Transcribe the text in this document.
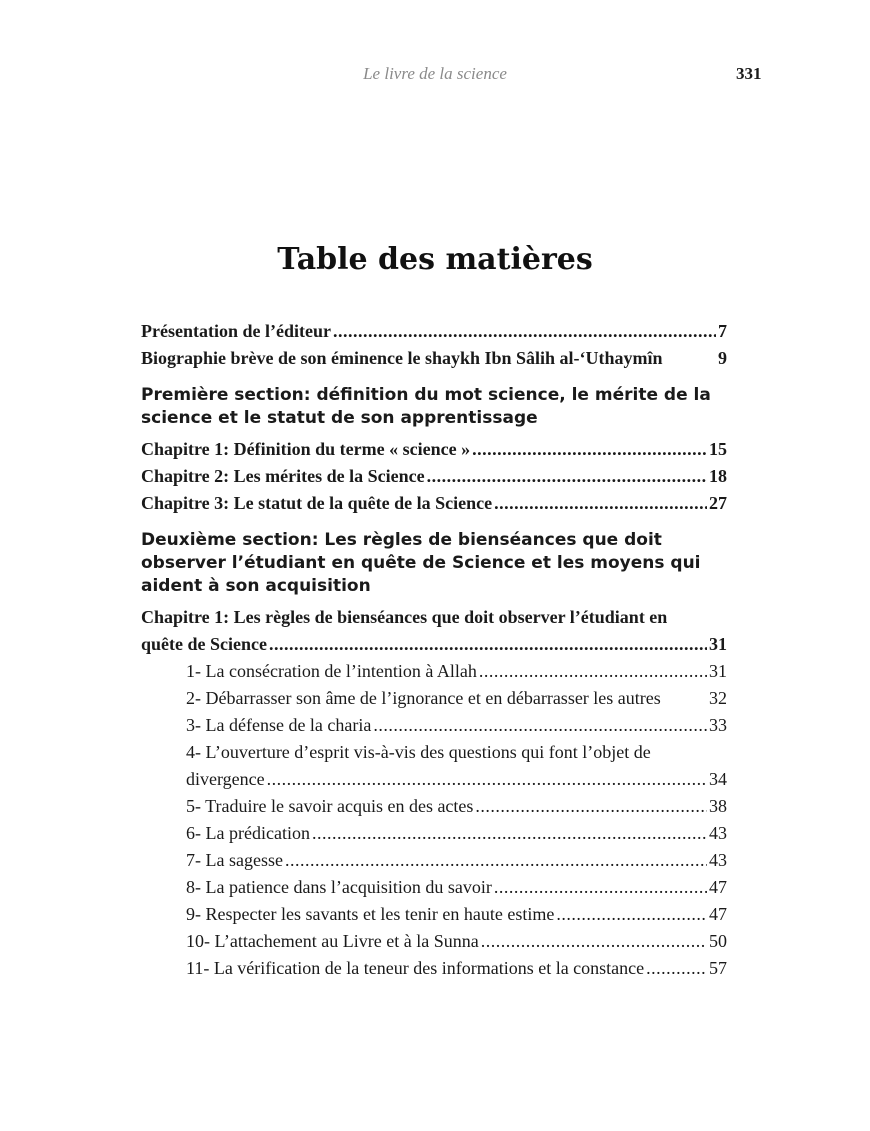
Le livre de la science	331
Table des matières
Présentation de l’éditeur . . .	7
Biographie brève de son éminence le shaykh Ibn Sâlih al-‘Uthaymîn	9
Première section: définition du mot science, le mérite de la science et le statut de son apprentissage
Chapitre 1: Définition du terme « science » . . .	15
Chapitre 2: Les mérites de la Science . . .	18
Chapitre 3: Le statut de la quête de la Science . . .	27
Deuxième section: Les règles de bienséances que doit observer l’étudiant en quête de Science et les moyens qui aident à son acquisition
Chapitre 1: Les règles de bienséances que doit observer l’étudiant en
quête de Science . . .	31
1- La consécration de l’intention à Allah . . .	31
2- Débarrasser son âme de l’ignorance et en débarrasser les autres	32
3- La défense de la charia . . .	33
4- L’ouverture d’esprit vis-à-vis des questions qui font l’objet de
divergence . . .	34
5- Traduire le savoir acquis en des actes . . .	38
6- La prédication . . .	43
7- La sagesse . . .	43
8- La patience dans l’acquisition du savoir . . .	47
9- Respecter les savants et les tenir en haute estime . . .	47
10- L’attachement au Livre et à la Sunna . . .	50
11- La vérification de la teneur des informations et la constance . . .	57
